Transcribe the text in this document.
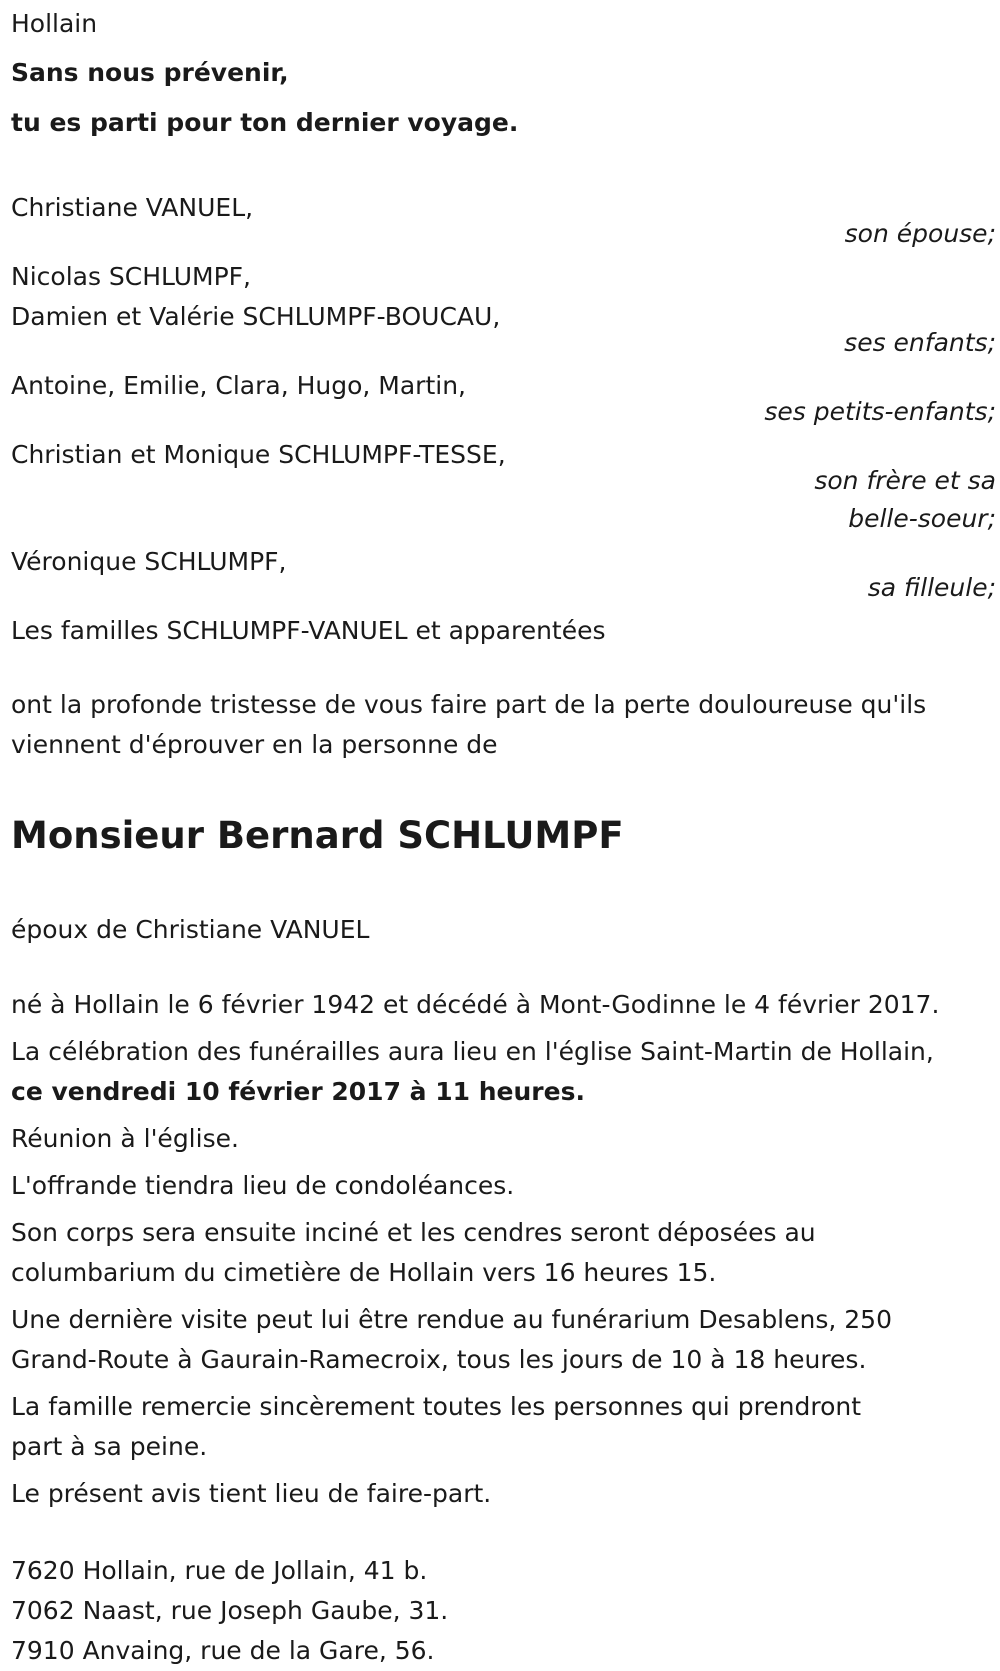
Hollain

Sans nous prévenir,

tu es parti pour ton dernier voyage.

Christiane VANUEL,

son épouse;

Nicolas SCHLUMPF,
Damien et Valérie SCHLUMPF-BOUCAU,

ses enfants;

Antoine, Emilie, Clara, Hugo, Martin,

ses petits-enfants;

Christian et Monique SCHLUMPF-TESSE,

son frère et sa

belle-soeur;

Véronique SCHLUMPF,

sa filleule;

Les familles SCHLUMPF-VANUEL et apparentées

ont la profonde tristesse de vous faire part de la perte douloureuse qu'ils

viennent d'éprouver en la personne de

Monsieur Bernard SCHLUMPF

époux de Christiane VANUEL

né à Hollain le 6 février 1942 et décédé à Mont-Godinne le 4 février 2017.

La célébration des funérailles aura lieu en l'église Saint-Martin de Hollain,

ce vendredi 10 février 2017 à 11 heures.

Réunion à l'église.

L'offrande tiendra lieu de condoléances.

Son corps sera ensuite inciné et les cendres seront déposées au

columbarium du cimetière de Hollain vers 16 heures 15.

Une dernière visite peut lui être rendue au funérarium Desablens, 250

Grand-Route à Gaurain-Ramecroix, tous les jours de 10 à 18 heures.

La famille remercie sincèrement toutes les personnes qui prendront

part à sa peine.

Le présent avis tient lieu de faire-part.

7620 Hollain, rue de Jollain, 41 b.

7062 Naast, rue Joseph Gaube, 31.

7910 Anvaing, rue de la Gare, 56.
